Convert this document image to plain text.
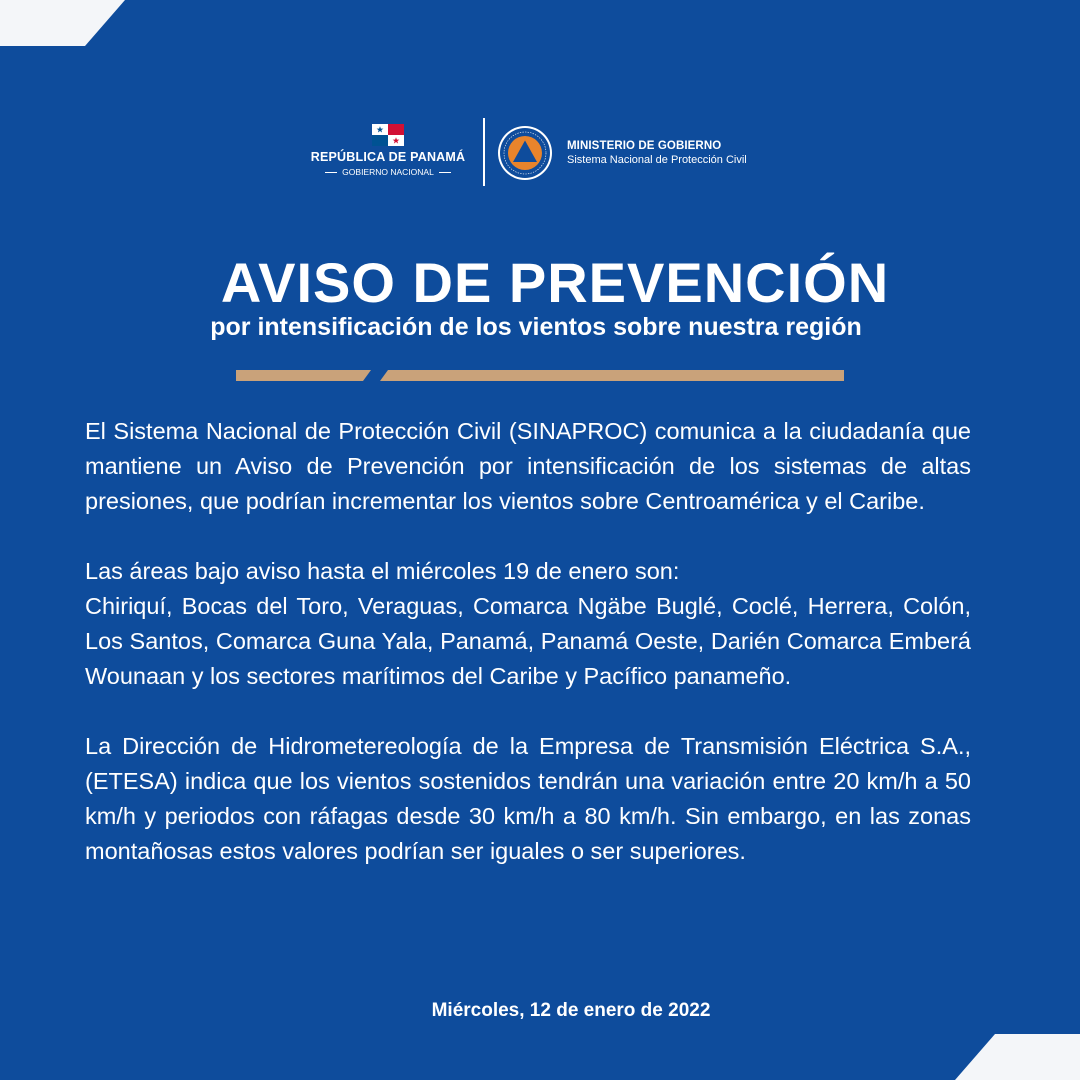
REPÚBLICA DE PANAMÁ
GOBIERNO NACIONAL
MINISTERIO DE GOBIERNO
Sistema Nacional de Protección Civil
AVISO DE PREVENCIÓN
por intensificación de los vientos sobre nuestra región

El Sistema Nacional de Protección Civil (SINAPROC) comunica a la ciudadanía que mantiene un Aviso de Prevención por intensificación de los sistemas de altas presiones, que podrían incrementar los vientos sobre Centroamérica y el Caribe.

Las áreas bajo aviso hasta el miércoles 19 de enero son:

Chiriquí, Bocas del Toro, Veraguas, Comarca Ngäbe Buglé, Coclé, Herrera, Colón, Los Santos, Comarca Guna Yala, Panamá, Panamá Oeste, Darién Comarca Emberá Wounaan y los sectores marítimos del Caribe y Pacífico panameño.

La Dirección de Hidrometereología de la Empresa de Transmisión Eléctrica S.A., (ETESA) indica que los vientos sostenidos tendrán una variación entre 20 km/h a 50 km/h y periodos con ráfagas desde 30 km/h a 80 km/h. Sin embargo, en las zonas montañosas estos valores podrían ser iguales o ser superiores.

Miércoles, 12 de enero de 2022
